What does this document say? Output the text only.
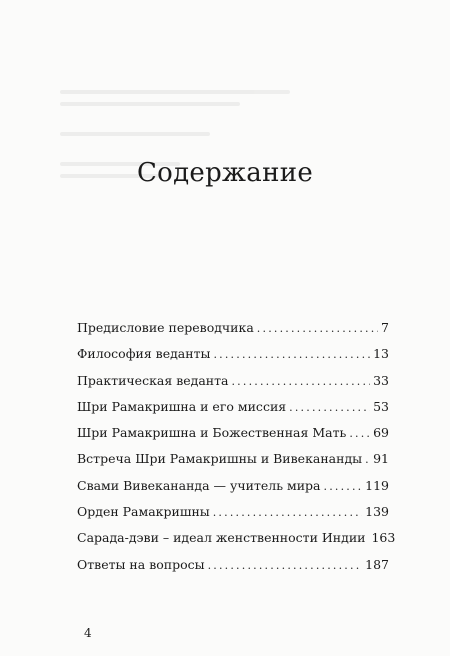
Содержание
Предисловие переводчика .....	7
Философия веданты .....	13
Практическая веданта .....	33
Шри Рамакришна и его миссия .....	53
Шри Рамакришна и Божественная Мать ..... 69
Встреча Шри Рамакришны и Вивекананды ..... 91
Свами Вивекананда — учитель мира .....	119
Орден Рамакришны .....	139
Сарада-дэви – идеал женственности Индии 163
Ответы на вопросы .....	187
4
